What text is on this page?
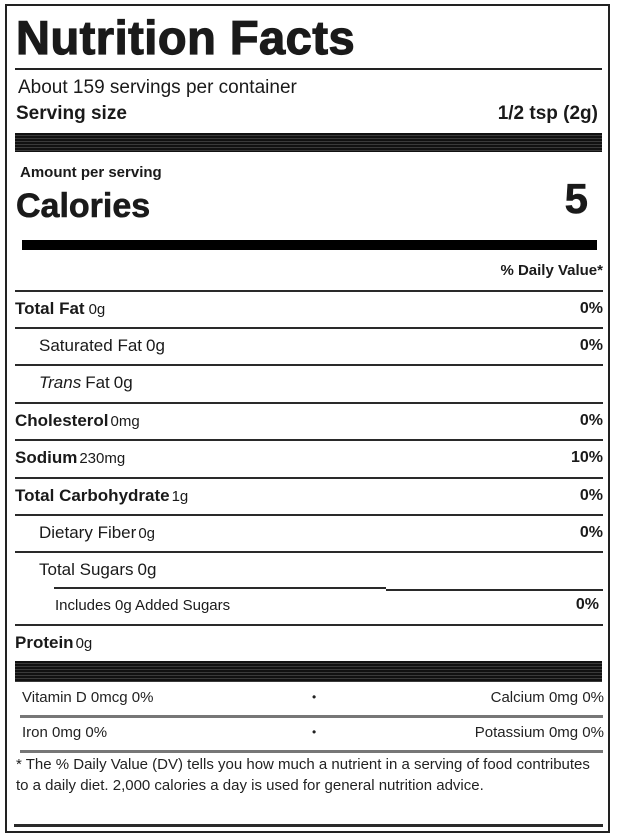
Nutrition Facts
About 159 servings per container
Serving size	1/2 tsp (2g)
Amount per serving
Calories	5
% Daily Value*
Total Fat 0g	0%
Saturated Fat 0g	0%
Trans Fat 0g
Cholesterol 0mg	0%
Sodium 230mg	10%
Total Carbohydrate 1g	0%
Dietary Fiber 0g	0%
Total Sugars 0g
Includes 0g Added Sugars	0%
Protein 0g
Vitamin D 0mcg 0%	•	Calcium 0mg 0%
Iron 0mg 0%	•	Potassium 0mg 0%
* The % Daily Value (DV) tells you how much a nutrient in a serving of food contributes to a daily diet. 2,000 calories a day is used for general nutrition advice.
